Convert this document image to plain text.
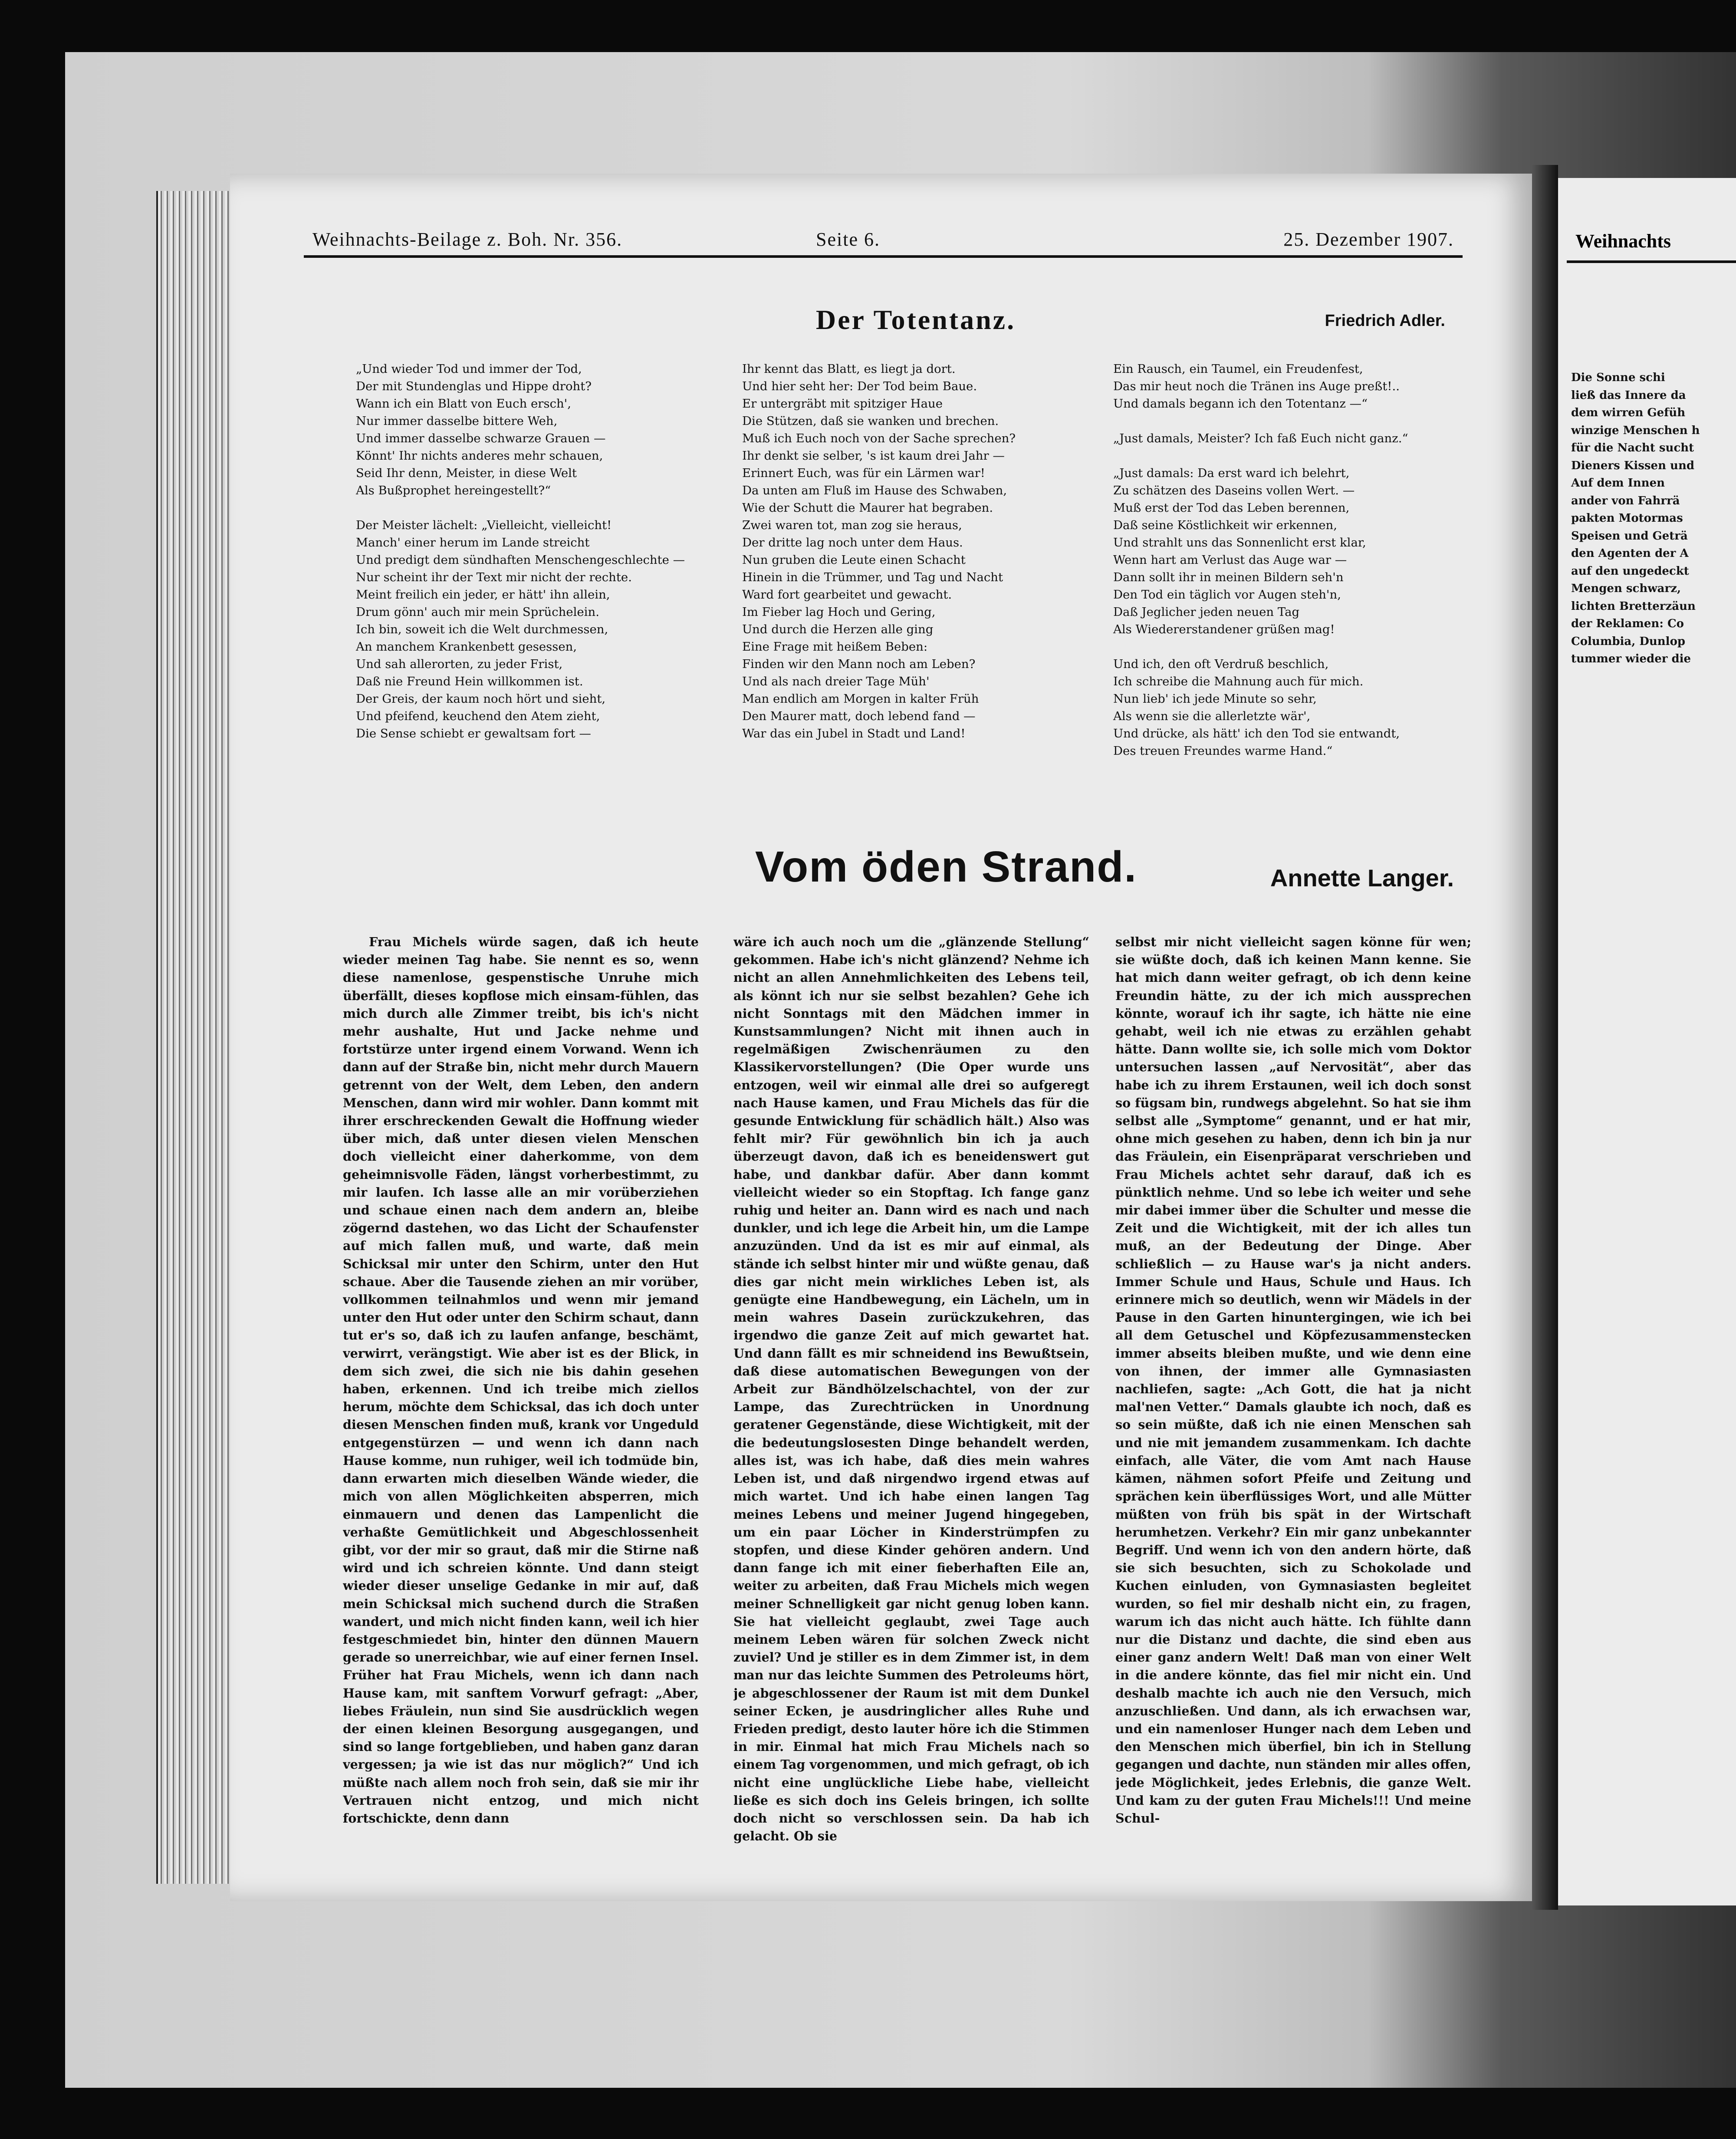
Weihnachts-Beilage z. Boh. Nr. 356.	Seite 6.	25. Dezember 1907.
Der Totentanz.	Friedrich Adler.
„Und wieder Tod und immer der Tod,
Der mit Stundenglas und Hippe droht?
Wann ich ein Blatt von Euch ersch',
Nur immer dasselbe bittere Weh,
Und immer dasselbe schwarze Grauen —
Könnt' Ihr nichts anderes mehr schauen,
Seid Ihr denn, Meister, in diese Welt
Als Bußprophet hereingestellt?“
Der Meister lächelt: „Vielleicht, vielleicht!
Manch' einer herum im Lande streicht
Und predigt dem sündhaften Menschengeschlechte —
Nur scheint ihr der Text mir nicht der rechte.
Meint freilich ein jeder, er hätt' ihn allein,
Drum gönn' auch mir mein Sprüchelein.
Ich bin, soweit ich die Welt durchmessen,
An manchem Krankenbett gesessen,
Und sah allerorten, zu jeder Frist,
Daß nie Freund Hein willkommen ist.
Der Greis, der kaum noch hört und sieht,
Und pfeifend, keuchend den Atem zieht,
Die Sense schiebt er gewaltsam fort —
Ihr kennt das Blatt, es liegt ja dort.
Und hier seht her: Der Tod beim Baue.
Er untergräbt mit spitziger Haue
Die Stützen, daß sie wanken und brechen.
Muß ich Euch noch von der Sache sprechen?
Ihr denkt sie selber, 's ist kaum drei Jahr —
Erinnert Euch, was für ein Lärmen war!
Da unten am Fluß im Hause des Schwaben,
Wie der Schutt die Maurer hat begraben.
Zwei waren tot, man zog sie heraus,
Der dritte lag noch unter dem Haus.
Nun gruben die Leute einen Schacht
Hinein in die Trümmer, und Tag und Nacht
Ward fort gearbeitet und gewacht.
Im Fieber lag Hoch und Gering,
Und durch die Herzen alle ging
Eine Frage mit heißem Beben:
Finden wir den Mann noch am Leben?
Und als nach dreier Tage Müh'
Man endlich am Morgen in kalter Früh
Den Maurer matt, doch lebend fand —
War das ein Jubel in Stadt und Land!
Ein Rausch, ein Taumel, ein Freudenfest,
Das mir heut noch die Tränen ins Auge preßt!..
Und damals begann ich den Totentanz —“
„Just damals, Meister? Ich faß Euch nicht ganz.“
„Just damals: Da erst ward ich belehrt,
Zu schätzen des Daseins vollen Wert. —
Muß erst der Tod das Leben berennen,
Daß seine Köstlichkeit wir erkennen,
Und strahlt uns das Sonnenlicht erst klar,
Wenn hart am Verlust das Auge war —
Dann sollt ihr in meinen Bildern seh'n
Den Tod ein täglich vor Augen steh'n,
Daß Jeglicher jeden neuen Tag
Als Wiedererstandener grüßen mag!
Und ich, den oft Verdruß beschlich,
Ich schreibe die Mahnung auch für mich.
Nun lieb' ich jede Minute so sehr,
Als wenn sie die allerletzte wär',
Und drücke, als hätt' ich den Tod sie entwandt,
Des treuen Freundes warme Hand.“
Vom öden Strand.	Annette Langer.

Frau Michels würde sagen, daß ich heute wieder meinen Tag habe. Sie nennt es so, wenn diese namenlose, gespenstische Unruhe mich überfällt, dieses kopflose mich einsam-fühlen, das mich durch alle Zimmer treibt, bis ich's nicht mehr aushalte, Hut und Jacke nehme und fortstürze unter irgend einem Vorwand. Wenn ich dann auf der Straße bin, nicht mehr durch Mauern getrennt von der Welt, dem Leben, den andern Menschen, dann wird mir wohler. Dann kommt mit ihrer erschreckenden Gewalt die Hoffnung wieder über mich, daß unter diesen vielen Menschen doch vielleicht einer daherkomme, von dem geheimnisvolle Fäden, längst vorherbestimmt, zu mir laufen. Ich lasse alle an mir vorüberziehen und schaue einen nach dem andern an, bleibe zögernd dastehen, wo das Licht der Schaufenster auf mich fallen muß, und warte, daß mein Schicksal mir unter den Schirm, unter den Hut schaue. Aber die Tausende ziehen an mir vorüber, vollkommen teilnahmlos und wenn mir jemand unter den Hut oder unter den Schirm schaut, dann tut er's so, daß ich zu laufen anfange, beschämt, verwirrt, verängstigt. Wie aber ist es der Blick, in dem sich zwei, die sich nie bis dahin gesehen haben, erkennen. Und ich treibe mich ziellos herum, möchte dem Schicksal, das ich doch unter diesen Menschen finden muß, krank vor Ungeduld entgegenstürzen — und wenn ich dann nach Hause komme, nun ruhiger, weil ich todmüde bin, dann erwarten mich dieselben Wände wieder, die mich von allen Möglichkeiten absperren, mich einmauern und denen das Lampenlicht die verhaßte Gemütlichkeit und Abgeschlossenheit gibt, vor der mir so graut, daß mir die Stirne naß wird und ich schreien könnte. Und dann steigt wieder dieser unselige Gedanke in mir auf, daß mein Schicksal mich suchend durch die Straßen wandert, und mich nicht finden kann, weil ich hier festgeschmiedet bin, hinter den dünnen Mauern gerade so unerreichbar, wie auf einer fernen Insel. Früher hat Frau Michels, wenn ich dann nach Hause kam, mit sanftem Vorwurf gefragt: „Aber, liebes Fräulein, nun sind Sie ausdrücklich wegen der einen kleinen Besorgung ausgegangen, und sind so lange fortgeblieben, und haben ganz daran vergessen; ja wie ist das nur möglich?“ Und ich müßte nach allem noch froh sein, daß sie mir ihr Vertrauen nicht entzog, und mich nicht fortschickte, denn dann

wäre ich auch noch um die „glänzende Stellung“ gekommen. Habe ich's nicht glänzend? Nehme ich nicht an allen Annehmlichkeiten des Lebens teil, als könnt ich nur sie selbst bezahlen? Gehe ich nicht Sonntags mit den Mädchen immer in Kunstsammlungen? Nicht mit ihnen auch in regelmäßigen Zwischenräumen zu den Klassikervorstellungen? (Die Oper wurde uns entzogen, weil wir einmal alle drei so aufgeregt nach Hause kamen, und Frau Michels das für die gesunde Entwicklung für schädlich hält.) Also was fehlt mir? Für gewöhnlich bin ich ja auch überzeugt davon, daß ich es beneidenswert gut habe, und dankbar dafür. Aber dann kommt vielleicht wieder so ein Stopftag. Ich fange ganz ruhig und heiter an. Dann wird es nach und nach dunkler, und ich lege die Arbeit hin, um die Lampe anzuzünden. Und da ist es mir auf einmal, als stände ich selbst hinter mir und wüßte genau, daß dies gar nicht mein wirkliches Leben ist, als genügte eine Handbewegung, ein Lächeln, um in mein wahres Dasein zurückzukehren, das irgendwo die ganze Zeit auf mich gewartet hat. Und dann fällt es mir schneidend ins Bewußtsein, daß diese automatischen Bewegungen von der Arbeit zur Bändhölzelschachtel, von der zur Lampe, das Zurechtrücken in Unordnung geratener Gegenstände, diese Wichtigkeit, mit der die bedeutungslosesten Dinge behandelt werden, alles ist, was ich habe, daß dies mein wahres Leben ist, und daß nirgendwo irgend etwas auf mich wartet. Und ich habe einen langen Tag meines Lebens und meiner Jugend hingegeben, um ein paar Löcher in Kinderstrümpfen zu stopfen, und diese Kinder gehören andern. Und dann fange ich mit einer fieberhaften Eile an, weiter zu arbeiten, daß Frau Michels mich wegen meiner Schnelligkeit gar nicht genug loben kann. Sie hat vielleicht geglaubt, zwei Tage auch meinem Leben wären für solchen Zweck nicht zuviel? Und je stiller es in dem Zimmer ist, in dem man nur das leichte Summen des Petroleums hört, je abgeschlossener der Raum ist mit dem Dunkel seiner Ecken, je ausdringlicher alles Ruhe und Frieden predigt, desto lauter höre ich die Stimmen in mir. Einmal hat mich Frau Michels nach so einem Tag vorgenommen, und mich gefragt, ob ich nicht eine unglückliche Liebe habe, vielleicht ließe es sich doch ins Geleis bringen, ich sollte doch nicht so verschlossen sein. Da hab ich gelacht. Ob sie

selbst mir nicht vielleicht sagen könne für wen; sie wüßte doch, daß ich keinen Mann kenne. Sie hat mich dann weiter gefragt, ob ich denn keine Freundin hätte, zu der ich mich aussprechen könnte, worauf ich ihr sagte, ich hätte nie eine gehabt, weil ich nie etwas zu erzählen gehabt hätte. Dann wollte sie, ich solle mich vom Doktor untersuchen lassen „auf Nervosität“, aber das habe ich zu ihrem Erstaunen, weil ich doch sonst so fügsam bin, rundwegs abgelehnt. So hat sie ihm selbst alle „Symptome“ genannt, und er hat mir, ohne mich gesehen zu haben, denn ich bin ja nur das Fräulein, ein Eisenpräparat verschrieben und Frau Michels achtet sehr darauf, daß ich es pünktlich nehme. Und so lebe ich weiter und sehe mir dabei immer über die Schulter und messe die Zeit und die Wichtigkeit, mit der ich alles tun muß, an der Bedeutung der Dinge. Aber schließlich — zu Hause war's ja nicht anders. Immer Schule und Haus, Schule und Haus. Ich erinnere mich so deutlich, wenn wir Mädels in der Pause in den Garten hinuntergingen, wie ich bei all dem Getuschel und Köpfezusammenstecken immer abseits bleiben mußte, und wie denn eine von ihnen, der immer alle Gymnasiasten nachliefen, sagte: „Ach Gott, die hat ja nicht mal'nen Vetter.“ Damals glaubte ich noch, daß es so sein müßte, daß ich nie einen Menschen sah und nie mit jemandem zusammenkam. Ich dachte einfach, alle Väter, die vom Amt nach Hause kämen, nähmen sofort Pfeife und Zeitung und sprächen kein überflüssiges Wort, und alle Mütter müßten von früh bis spät in der Wirtschaft herumhetzen. Verkehr? Ein mir ganz unbekannter Begriff. Und wenn ich von den andern hörte, daß sie sich besuchten, sich zu Schokolade und Kuchen einluden, von Gymnasiasten begleitet wurden, so fiel mir deshalb nicht ein, zu fragen, warum ich das nicht auch hätte. Ich fühlte dann nur die Distanz und dachte, die sind eben aus einer ganz andern Welt! Daß man von einer Welt in die andere könnte, das fiel mir nicht ein. Und deshalb machte ich auch nie den Versuch, mich anzuschließen. Und dann, als ich erwachsen war, und ein namenloser Hunger nach dem Leben und den Menschen mich überfiel, bin ich in Stellung gegangen und dachte, nun ständen mir alles offen, jede Möglichkeit, jedes Erlebnis, die ganze Welt. Und kam zu der guten Frau Michels!!! Und meine Schul-

Weihnachts
Die Sonne schi
ließ das Innere da
dem wirren Gefüh
winzige Menschen h
für die Nacht sucht
Dieners Kissen und
Auf dem Innen
ander von Fahrrä
pakten Motormas
Speisen und Geträ
den Agenten der A
auf den ungedeckt
Mengen schwarz,
lichten Bretterzäun
der Reklamen: Co
Columbia, Dunlop
tummer wieder die
